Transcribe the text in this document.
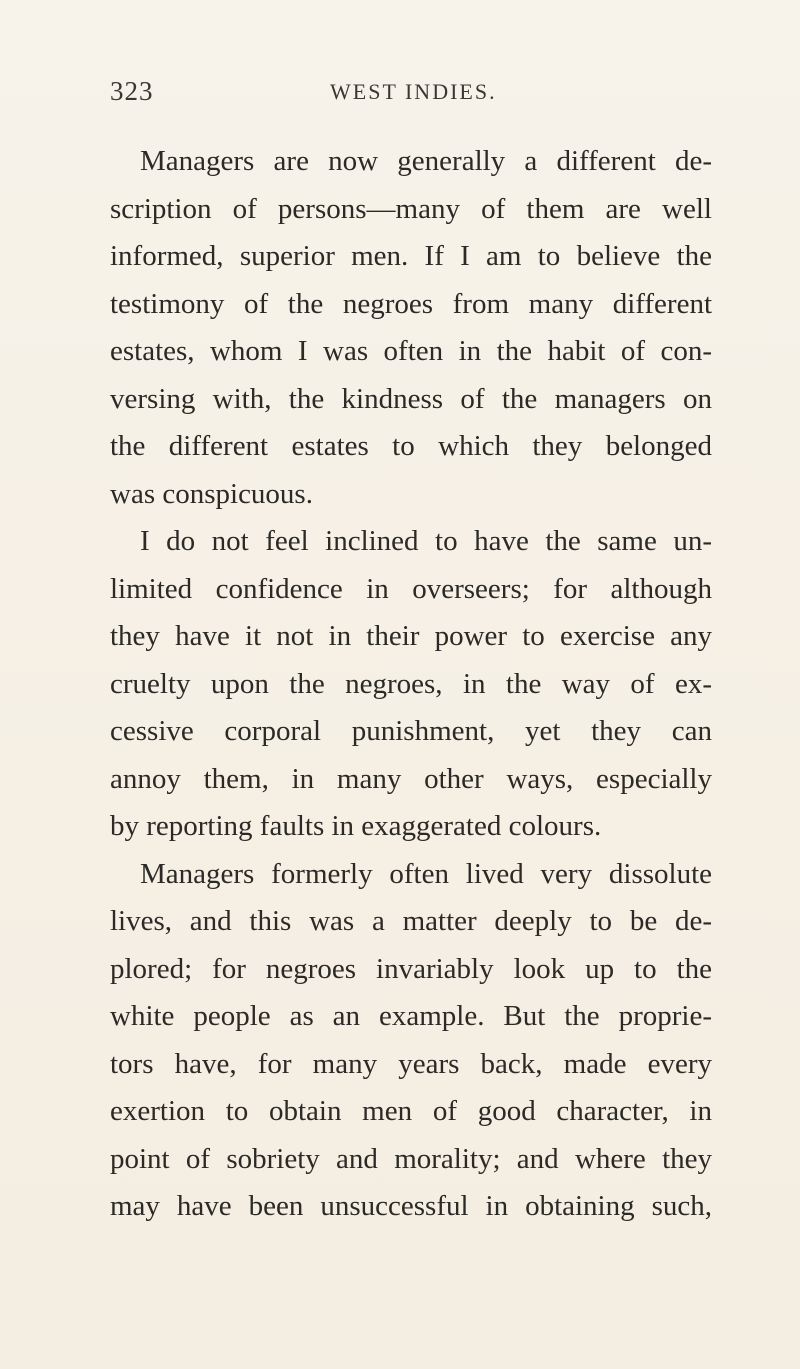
323	WEST INDIES.
Managers are now generally a different de-
scription of persons—many of them are well
informed, superior men. If I am to believe the
testimony of the negroes from many different
estates, whom I was often in the habit of con-
versing with, the kindness of the managers on
the different estates to which they belonged
was conspicuous.
I do not feel inclined to have the same un-
limited confidence in overseers; for although
they have it not in their power to exercise any
cruelty upon the negroes, in the way of ex-
cessive corporal punishment, yet they can
annoy them, in many other ways, especially
by reporting faults in exaggerated colours.
Managers formerly often lived very dissolute
lives, and this was a matter deeply to be de-
plored; for negroes invariably look up to the
white people as an example. But the proprie-
tors have, for many years back, made every
exertion to obtain men of good character, in
point of sobriety and morality; and where they
may have been unsuccessful in obtaining such,
